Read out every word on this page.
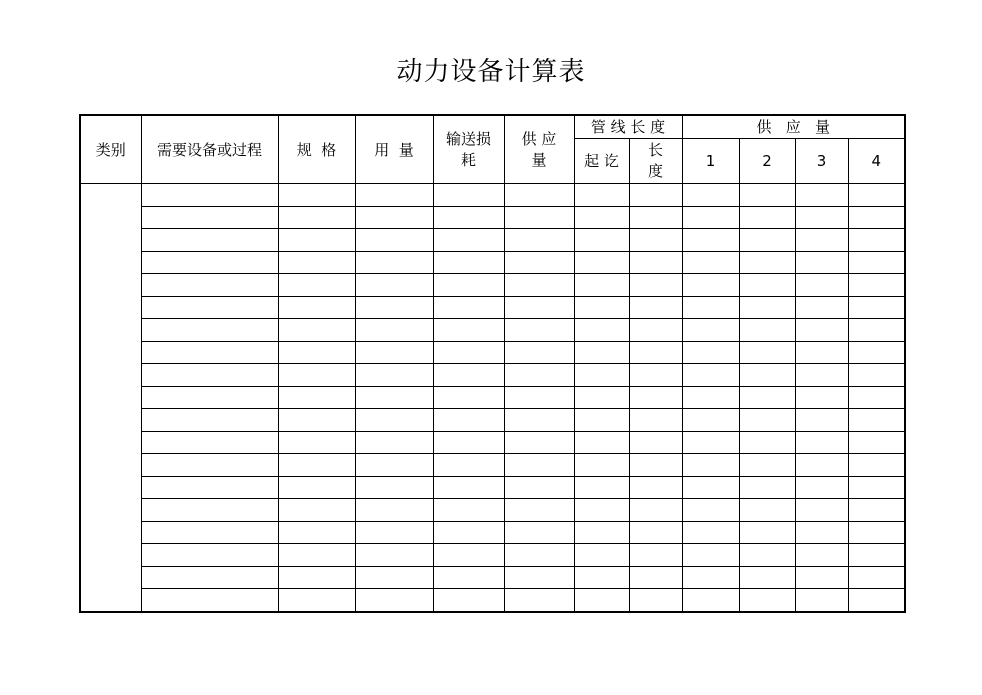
动力设备计算表
类别	需要设备或过程	规  格	用  量	输送损耗	供 应 量	管 线 长 度		供   应   量			
						起 讫	长 度	1	2	3	4
